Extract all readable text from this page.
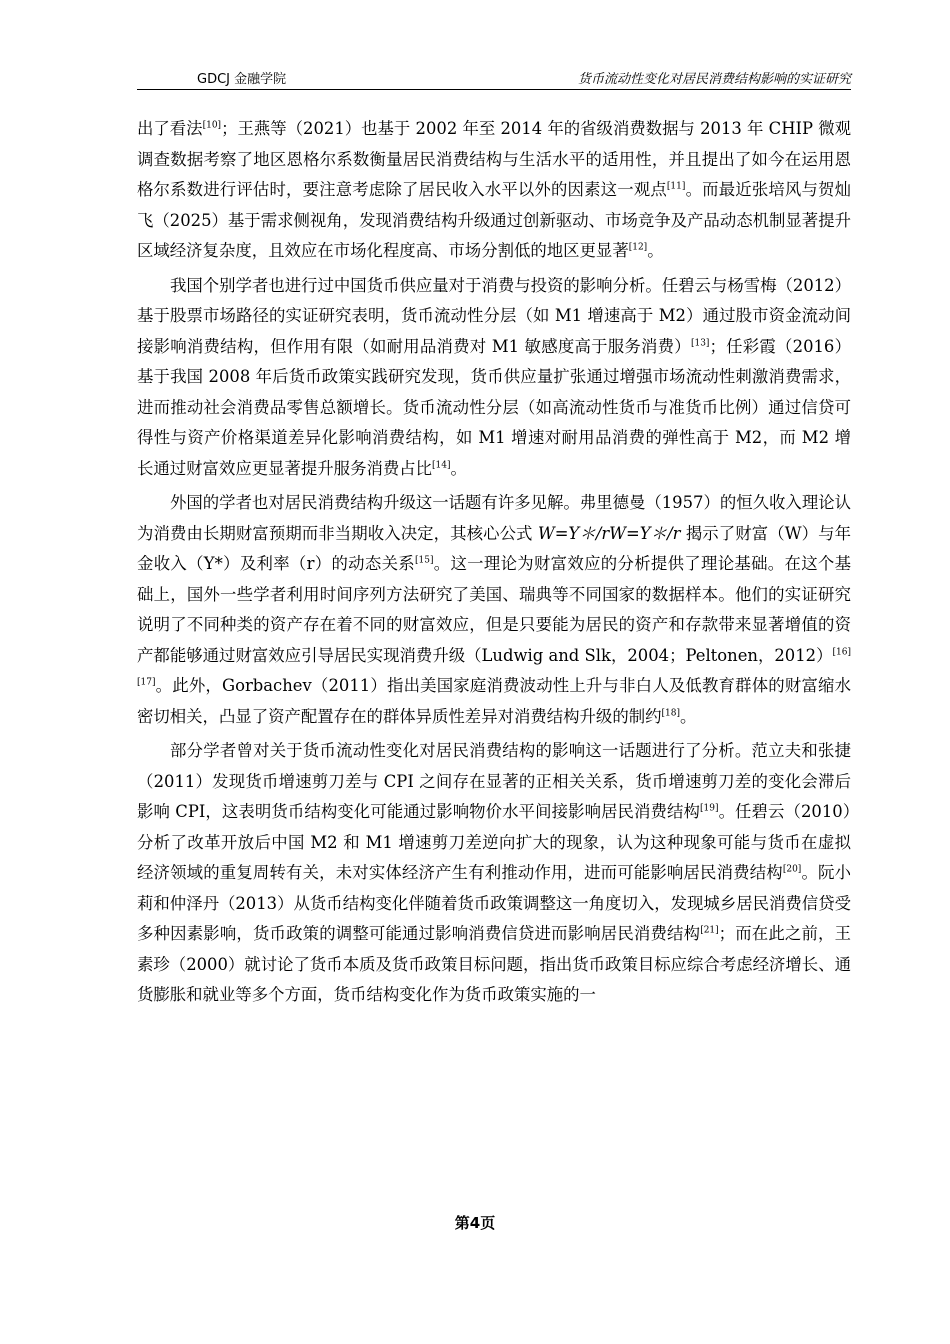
GDCJ 金融学院	货币流动性变化对居民消费结构影响的实证研究

出了看法[10]；王燕等（2021）也基于 2002 年至 2014 年的省级消费数据与 2013 年 CHIP 微观调查数据考察了地区恩格尔系数衡量居民消费结构与生活水平的适用性，并且提出了如今在运用恩格尔系数进行评估时，要注意考虑除了居民收入水平以外的因素这一观点[11]。而最近张培风与贺灿飞（2025）基于需求侧视角，发现消费结构升级通过创新驱动、市场竞争及产品动态机制显著提升区域经济复杂度，且效应在市场化程度高、市场分割低的地区更显著[12]。

我国个别学者也进行过中国货币供应量对于消费与投资的影响分析。任碧云与杨雪梅（2012）基于股票市场路径的实证研究表明，货币流动性分层（如 M1 增速高于 M2）通过股市资金流动间接影响消费结构，但作用有限（如耐用品消费对 M1 敏感度高于服务消费）[13]；任彩霞（2016）基于我国 2008 年后货币政策实践研究发现，货币供应量扩张通过增强市场流动性刺激消费需求，进而推动社会消费品零售总额增长。货币流动性分层（如高流动性货币与准货币比例）通过信贷可得性与资产价格渠道差异化影响消费结构，如 M1 增速对耐用品消费的弹性高于 M2，而 M2 增长通过财富效应更显著提升服务消费占比[14]。

外国的学者也对居民消费结构升级这一话题有许多见解。弗里德曼（1957）的恒久收入理论认为消费由长期财富预期而非当期收入决定，其核心公式 W=Y＊/rW=Y＊/r 揭示了财富（W）与年金收入（Y*）及利率（r）的动态关系[15]。这一理论为财富效应的分析提供了理论基础。在这个基础上，国外一些学者利用时间序列方法研究了美国、瑞典等不同国家的数据样本。他们的实证研究说明了不同种类的资产存在着不同的财富效应，但是只要能为居民的资产和存款带来显著增值的资产都能够通过财富效应引导居民实现消费升级（Ludwig and Slk，2004；Peltonen，2012）[16] [17]。此外，Gorbachev（2011）指出美国家庭消费波动性上升与非白人及低教育群体的财富缩水密切相关，凸显了资产配置存在的群体异质性差异对消费结构升级的制约[18]。

部分学者曾对关于货币流动性变化对居民消费结构的影响这一话题进行了分析。范立夫和张捷（2011）发现货币增速剪刀差与 CPI 之间存在显著的正相关关系，货币增速剪刀差的变化会滞后影响 CPI，这表明货币结构变化可能通过影响物价水平间接影响居民消费结构[19]。任碧云（2010）分析了改革开放后中国 M2 和 M1 增速剪刀差逆向扩大的现象，认为这种现象可能与货币在虚拟经济领域的重复周转有关，未对实体经济产生有利推动作用，进而可能影响居民消费结构[20]。阮小莉和仲泽丹（2013）从货币结构变化伴随着货币政策调整这一角度切入，发现城乡居民消费信贷受多种因素影响，货币政策的调整可能通过影响消费信贷进而影响居民消费结构[21]；而在此之前，王素珍（2000）就讨论了货币本质及货币政策目标问题，指出货币政策目标应综合考虑经济增长、通货膨胀和就业等多个方面，货币结构变化作为货币政策实施的一

第4页
